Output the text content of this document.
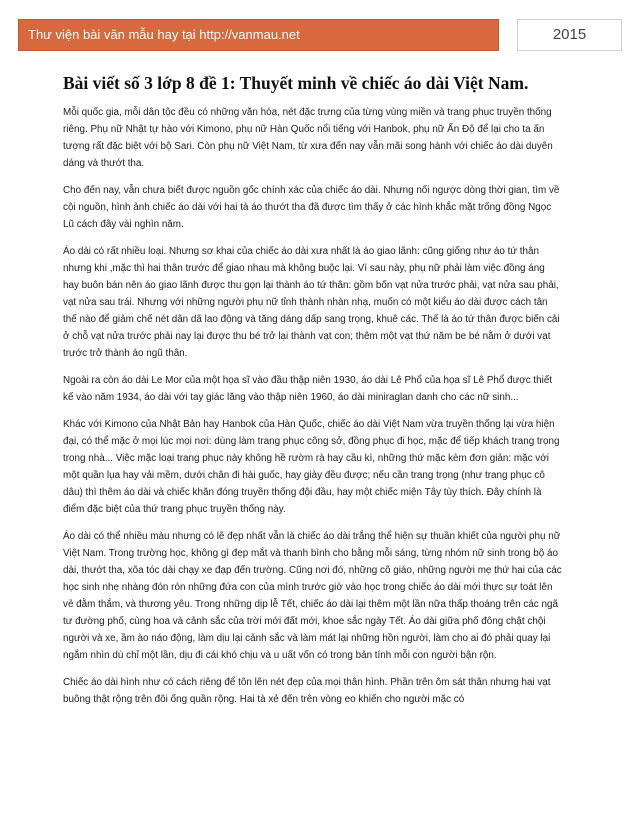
Thư viện bài văn mẫu hay tại http://vanmau.net	2015
Bài viết số 3 lớp 8 đề 1: Thuyết minh về chiếc áo dài Việt Nam.

Mỗi quốc gia, mỗi dân tộc đều có những văn hóa, nét đặc trưng của từng vùng miền và trang phục truyền thống riêng. Phụ nữ Nhật tự hào với Kimono, phụ nữ Hàn Quốc nổi tiếng với Hanbok, phụ nữ Ấn Độ để lại cho ta ấn tượng rất đặc biệt với bộ Sari. Còn phụ nữ Việt Nam, từ xưa đến nay vẫn mãi song hành với chiếc áo dài duyên dáng và thướt tha.

Cho đến nay, vẫn chưa biết được nguồn gốc chính xác của chiếc áo dài. Nhưng nối ngược dòng thời gian, tìm về cội nguồn, hình ảnh chiếc áo dài với hai tà áo thướt tha đã được tìm thấy ở các hình khắc mặt trống đồng Ngọc Lũ cách đây vài nghìn năm.

Áo dài có rất nhiều loại. Nhưng sơ khai của chiếc áo dài xưa nhất là áo giao lãnh: cũng giống như áo tứ thân nhưng khi ,mặc thì hai thân trước để giao nhau mà không buộc lại. Vì sau này, phụ nữ phải làm việc đồng áng hay buôn bán nên áo giao lãnh được thu gọn lại thành áo tứ thân: gồm bốn vạt nửa trước phải, vạt nửa sau phải, vạt nửa sau trái. Nhưng với những người phụ nữ tỉnh thành nhàn nhạ, muốn có một kiểu áo dài được cách tân thế nào để giảm chế nét dân dã lao động và tăng dáng dấp sang trọng, khuê các. Thế là áo tứ thân được biến cải ở chỗ vạt nửa trước phải nay lại được thu bé trở lại thành vạt con; thêm một vạt thứ năm be bé nằm ở dưới vạt trước trở thành áo ngũ thân.

Ngoài ra còn áo dài Le Mor của một họa sĩ vào đầu thập niên 1930, áo dài Lê Phổ của họa sĩ Lê Phổ được thiết kế vào năm 1934, áo dài với tay giác lăng vào thập niên 1960, áo dài miniraglan danh cho các nữ sinh...

Khác với Kimono của Nhật Bản hay Hanbok của Hàn Quốc, chiếc áo dài Việt Nam vừa truyền thống lại vừa hiện đại, có thể mặc ở mọi lúc mọi nơi: dùng làm trang phục công sở, đồng phục đi học, mặc để tiếp khách trang trọng trong nhà... Việc mặc loại trang phục này không hề rườm rà hay cầu kì, những thứ mặc kèm đơn giản: mặc với một quần lụa hay vải mềm, dưới chân đi hài guốc, hay giày đều được; nếu cần trang trọng (như trang phục cô dâu) thì thêm áo dài và chiếc khăn đóng truyền thống đội đầu, hay một chiếc miện Tây tùy thích. Đây chính là điểm đặc biệt của thứ trang phục truyền thống này.

Áo dài có thể nhiều màu nhưng có lẽ đẹp nhất vẫn là chiếc áo dài trắng thể hiện sự thuần khiết của người phụ nữ Việt Nam. Trong trường học, không gì đẹp mắt và thanh bình cho bằng mỗi sáng, từng nhóm nữ sinh trong bộ áo dài, thướt tha, xõa tóc dài chạy xe đạp đến trường. Cũng nơi đó, những cô giáo, những người mẹ thứ hai của các học sinh nhẹ nhàng đón rón những đứa con của mình trước giờ vào học trong chiếc áo dài mới thực sự toát lên vẻ đằm thắm, và thương yêu. Trong những dịp lễ Tết, chiếc áo dài lại thêm một lần nữa thấp thoáng trên các ngã tư đường phố, cùng hoa và cảnh sắc của trời mới đất mới, khoe sắc ngày Tết. Áo dài giữa phố đông chật chội người và xe, ầm ào náo động, làm dịu lại cảnh sắc và làm mát lại những hồn người, làm cho ai đó phải quay lại ngắm nhìn dù chỉ một lần, dịu đi cái khó chịu và u uất vốn có trong bản tính mỗi con người bận rộn.

Chiếc áo dài hình như có cách riêng để tôn lên nét đẹp của mọi thân hình. Phần trên ôm sát thân nhưng hai vạt buông thật rộng trên đôi ống quần rộng. Hai tà xẻ đến trên vòng eo khiến cho người mặc có
